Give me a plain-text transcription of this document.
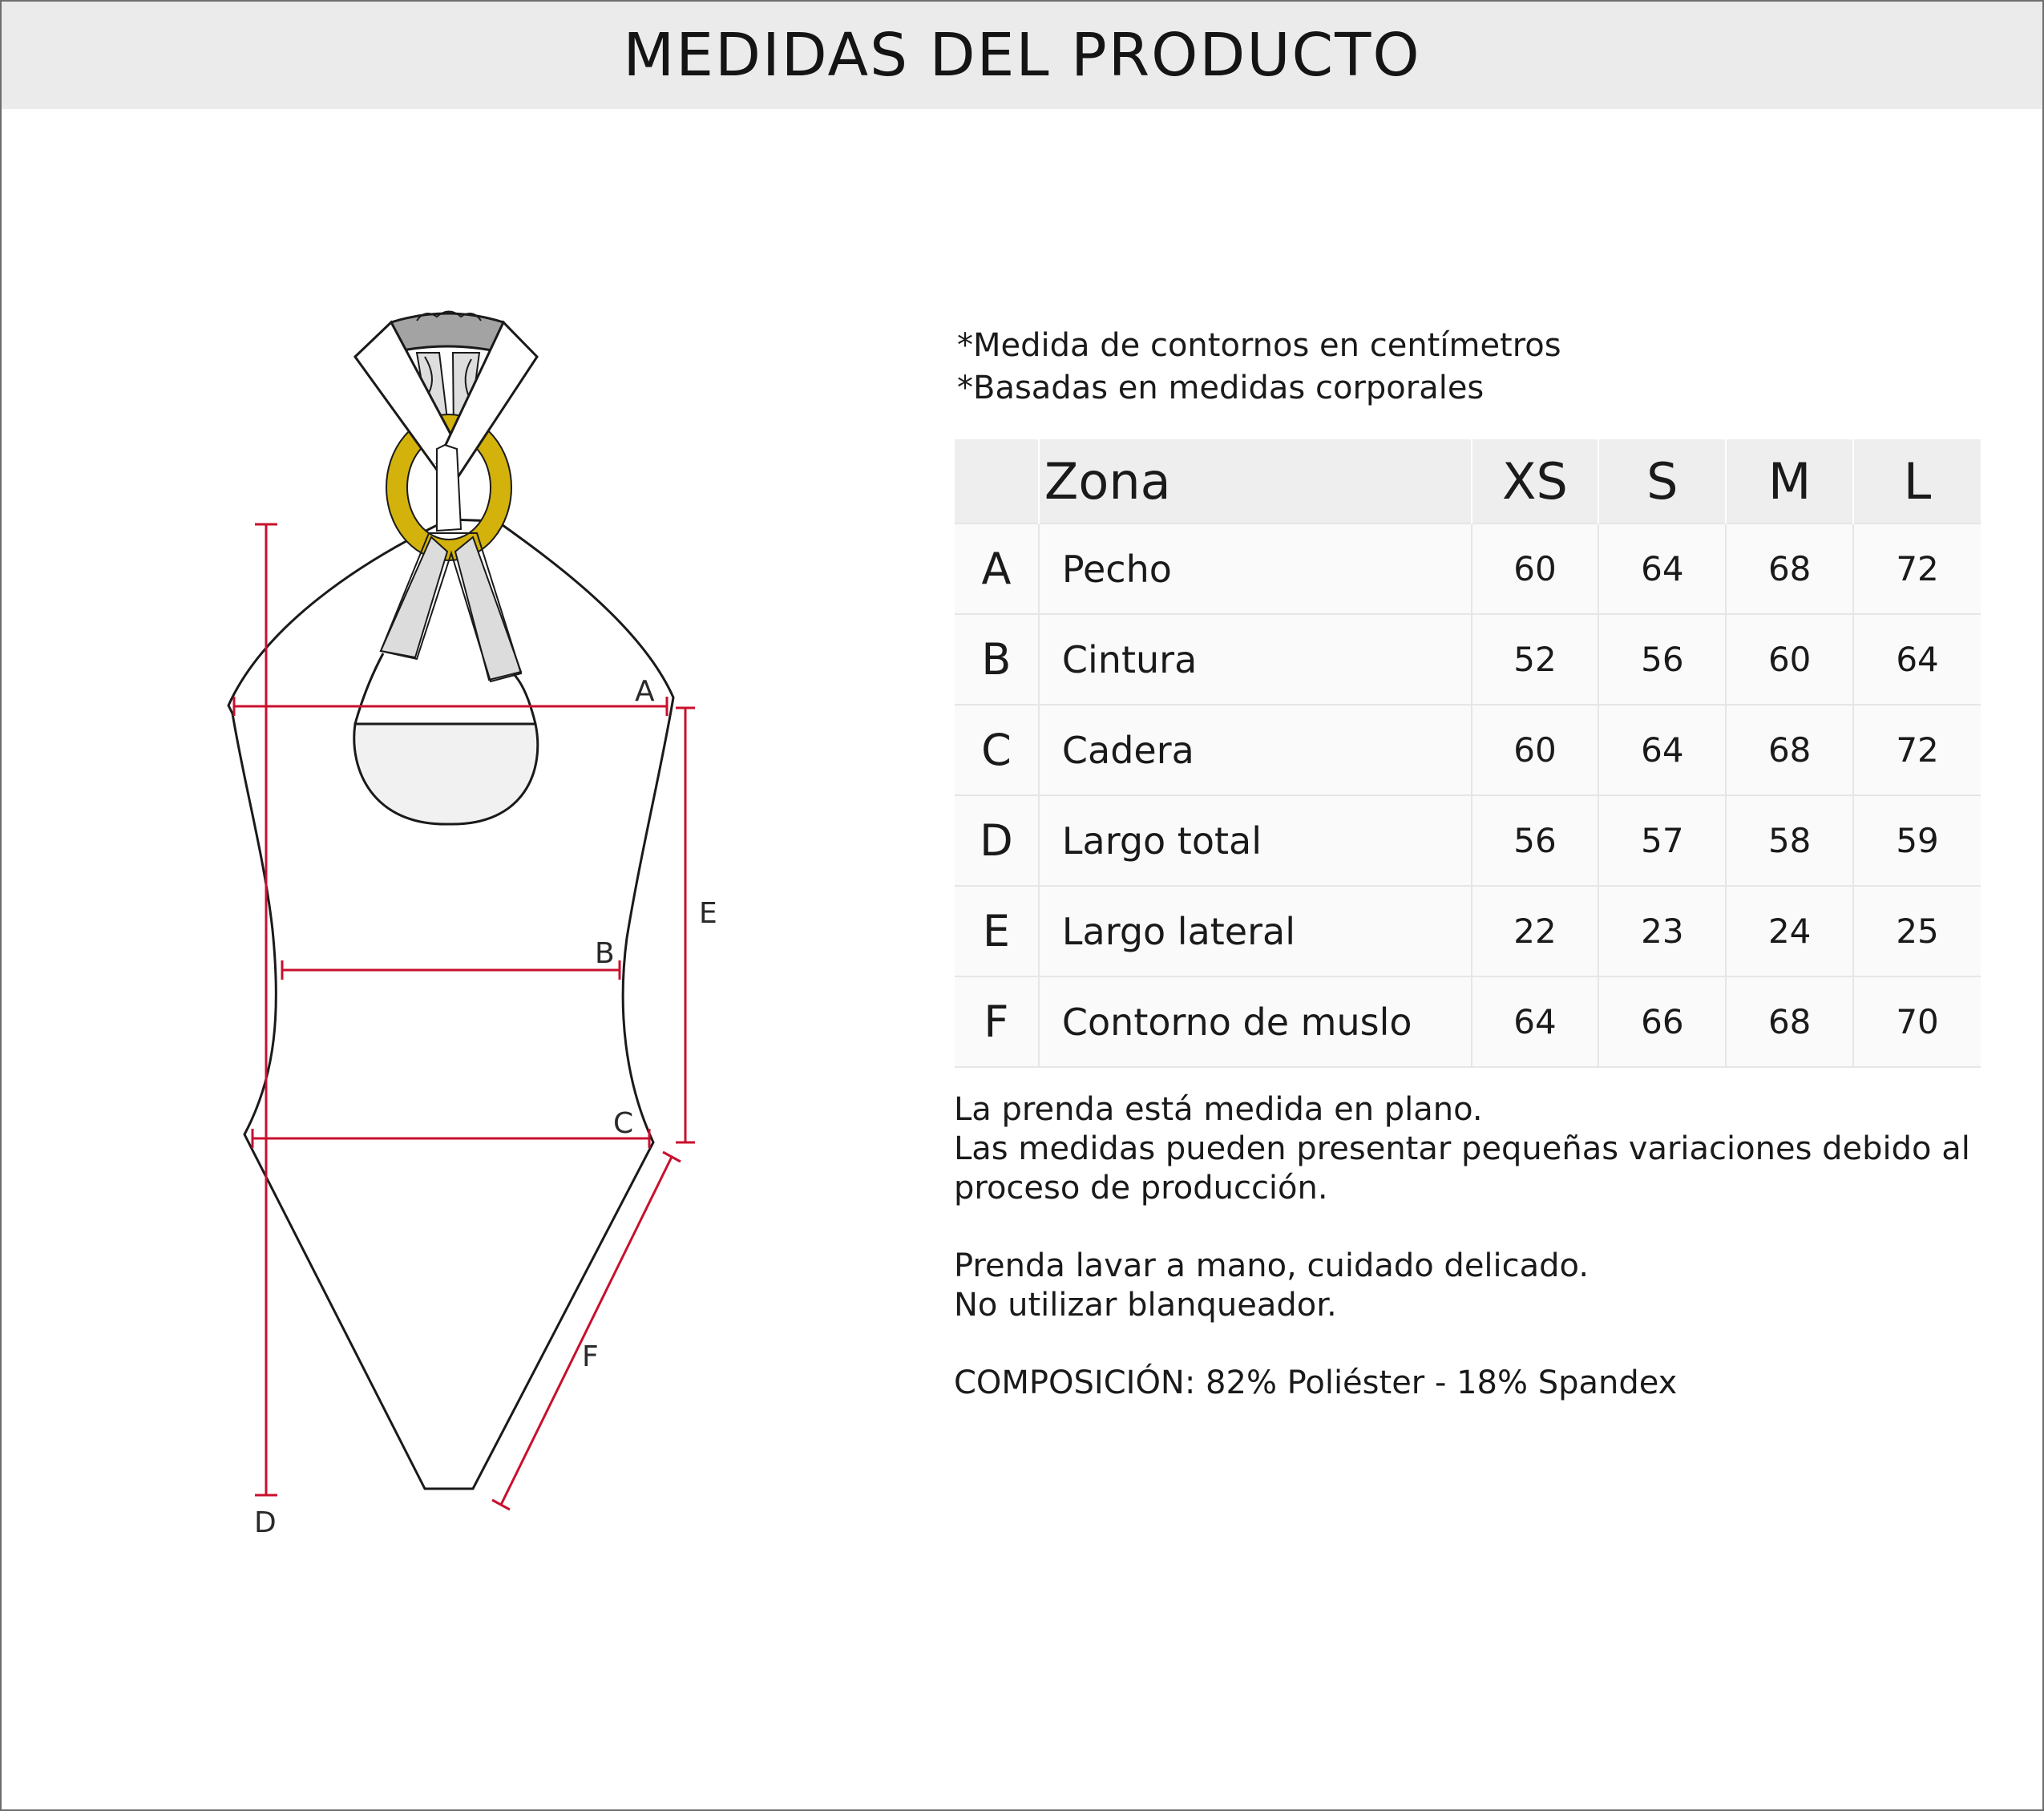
MEDIDAS DEL PRODUCTO
A
B
C
D
E
F
*Medida de contornos en centímetros
*Basadas en medidas corporales
	Zona	XS	S	M	L
A	Pecho	60	64	68	72
B	Cintura	52	56	60	64
C	Cadera	60	64	68	72
D	Largo total	56	57	58	59
E	Largo lateral	22	23	24	25
F	Contorno de muslo	64	66	68	70

La prenda está medida en plano.

Las medidas pueden presentar pequeñas variaciones debido al

proceso de producción.

Prenda lavar a mano, cuidado delicado.

No utilizar blanqueador.

COMPOSICIÓN: 82% Poliéster - 18% Spandex
